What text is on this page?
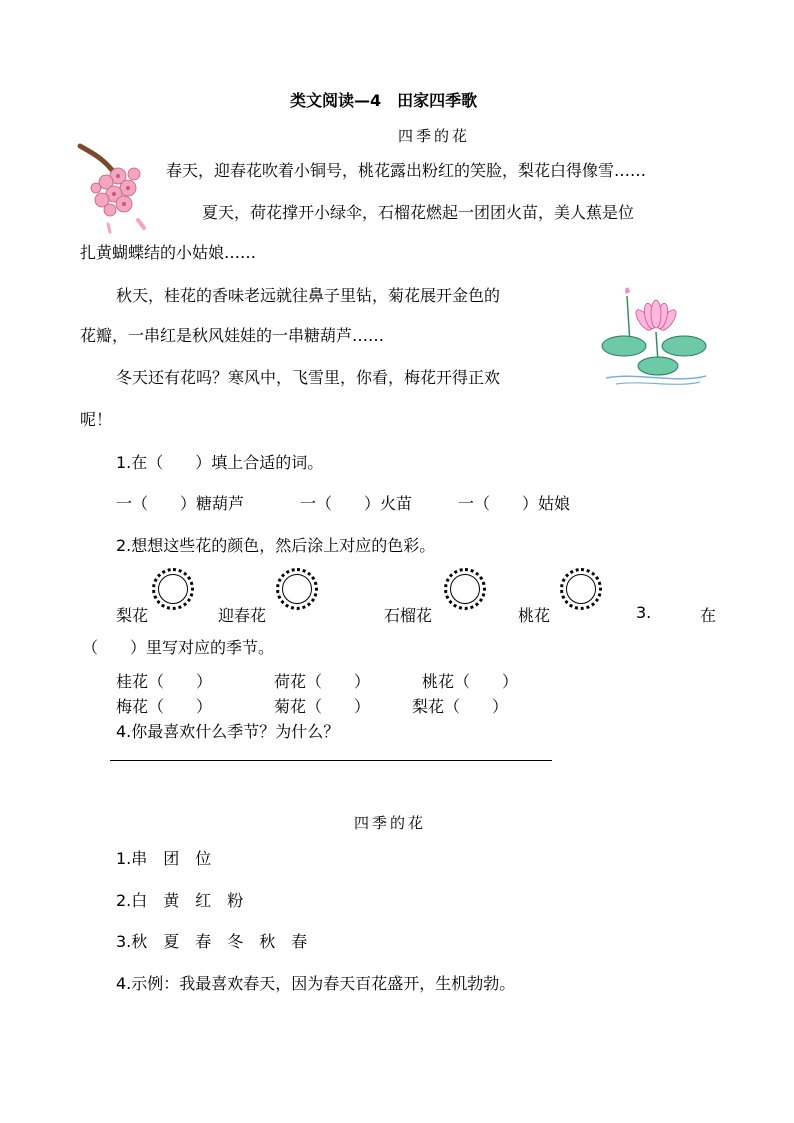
类文阅读—4　田家四季歌
四季的花
春天，迎春花吹着小铜号，桃花露出粉红的笑脸，梨花白得像雪……
夏天，荷花撑开小绿伞，石榴花燃起一团团火苗，美人蕉是位
扎黄蝴蝶结的小姑娘……
秋天，桂花的香味老远就往鼻子里钻，菊花展开金色的
花瓣，一串红是秋风娃娃的一串糖葫芦……
冬天还有花吗？寒风中，飞雪里，你看，梅花开得正欢
呢！
1.在（　　）填上合适的词。
一（　　）糖葫芦	一（　　）火苗	一（　　）姑娘
2.想想这些花的颜色，然后涂上对应的色彩。
梨花	迎春花	石榴花	桃花	3.	在
（　　）里写对应的季节。
桂花（　　）	荷花（　　）	桃花（　　）
梅花（　　）	菊花（　　）	梨花（　　）
4.你最喜欢什么季节？为什么？
四季的花
1.串　团　位
2.白　黄　红　粉
3.秋　夏　春　冬　秋　春
4.示例：我最喜欢春天，因为春天百花盛开，生机勃勃。
